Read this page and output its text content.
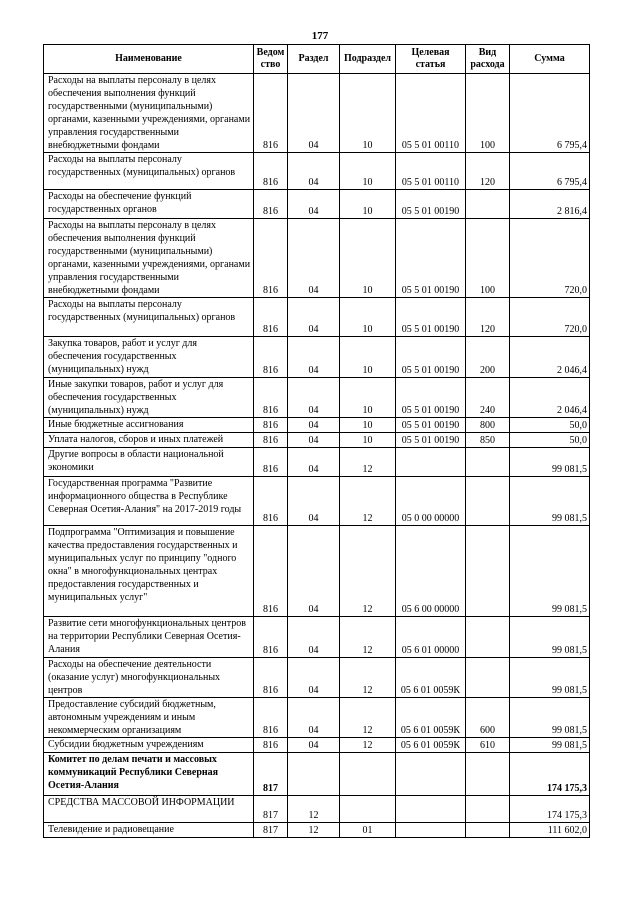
177
Наименование	Ведом ство	Раздел	Подраздел	Целевая статья	Вид расхода	Сумма
Расходы на выплаты персоналу в целях обеспечения выполнения функций государственными (муниципальными) органами, казенными учреждениями, органами управления государственными внебюджетными фондами	816	04	10	05 5 01 00110	100	6 795,4
Расходы на выплаты персоналу государственных (муниципальных) органов	816	04	10	05 5 01 00110	120	6 795,4
Расходы на обеспечение функций государственных органов	816	04	10	05 5 01 00190		2 816,4
Расходы на выплаты персоналу в целях обеспечения выполнения функций государственными (муниципальными) органами, казенными учреждениями, органами управления государственными внебюджетными фондами	816	04	10	05 5 01 00190	100	720,0
Расходы на выплаты персоналу государственных (муниципальных) органов	816	04	10	05 5 01 00190	120	720,0
Закупка товаров, работ и услуг для обеспечения государственных (муниципальных) нужд	816	04	10	05 5 01 00190	200	2 046,4
Иные закупки товаров, работ и услуг для обеспечения государственных (муниципальных) нужд	816	04	10	05 5 01 00190	240	2 046,4
Иные бюджетные ассигнования	816	04	10	05 5 01 00190	800	50,0
Уплата налогов, сборов и иных платежей	816	04	10	05 5 01 00190	850	50,0
Другие вопросы в области национальной экономики	816	04	12			99 081,5
Государственная программа "Развитие информационного общества в Республике Северная Осетия-Алания" на 2017-2019 годы	816	04	12	05 0 00 00000		99 081,5
Подпрограмма "Оптимизация и повышение качества предоставления государственных и муниципальных услуг по принципу "одного окна" в многофункциональных центрах предоставления государственных и муниципальных услуг"	816	04	12	05 6 00 00000		99 081,5
Развитие сети многофункциональных центров на территории Республики Северная Осетия-Алания	816	04	12	05 6 01 00000		99 081,5
Расходы на обеспечение деятельности (оказание услуг) многофункциональных центров	816	04	12	05 6 01 0059К		99 081,5
Предоставление субсидий бюджетным, автономным учреждениям и иным некоммерческим организациям	816	04	12	05 6 01 0059К	600	99 081,5
Субсидии бюджетным учреждениям	816	04	12	05 6 01 0059К	610	99 081,5
Комитет по делам печати и массовых коммуникаций Республики Северная Осетия-Алания	817					174 175,3
СРЕДСТВА МАССОВОЙ ИНФОРМАЦИИ	817	12				174 175,3
Телевидение и радиовещание	817	12	01			111 602,0
